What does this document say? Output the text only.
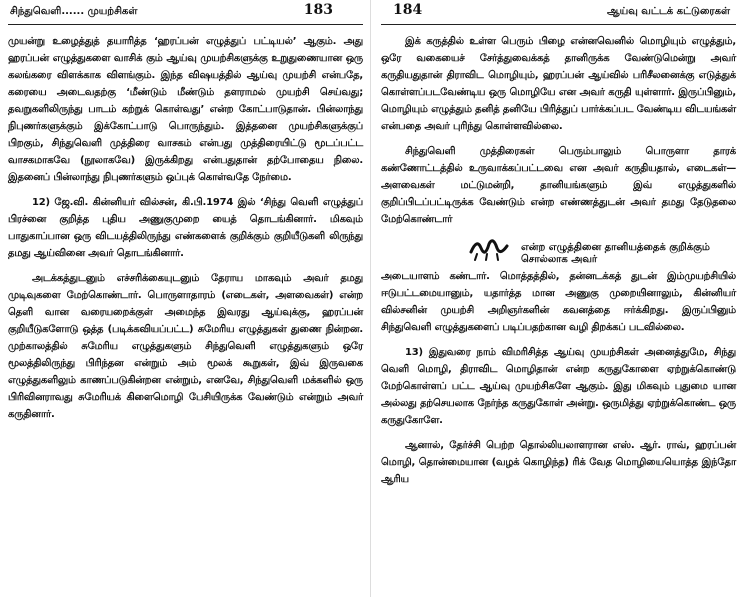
சிந்துவெளி...... முயற்சிகள்	183

முயன்று உழைத்துத் தயாரித்த ‘ஹரப்பன் எழுத்துப் பட்டியல்’ ஆகும். அது ஹரப்பன் எழுத்துகளை வாசிக் கும் ஆய்வு முயற்சிகளுக்கு உறுதுணையான ஒரு கலங்கரை விளக்காக விளங்கும். இந்த விஷயத்தில் ஆய்வு முயற்சி என்பதே, கரையை அடைவதற்கு ‘மீண்டும் மீண்டும் தளராமல் முயற்சி செய்வது; தவறுகளிலிருந்து பாடம் கற்றுக் கொள்வது’ என்ற கோட்பாடுதான். பின்லாந்து நிபுணர்களுக்கும் இக்கோட்பாடு பொருந்தும். இத்தனை முயற்சிகளுக்குப் பிறகும், சிந்துவெளி முத்திரை வாசகம் என்பது முத்திரையிட்டு மூடப்பட்ட வாசகமாகவே (நூலாகவே) இருக்கிறது என்பதுதான் தற்போதைய நிலை. இதனைப் பின்லாந்து நிபுணர்களும் ஒப்புக் கொள்வதே நேர்மை.

12) ஜே.வி. கின்னியர் வில்சன், கி.பி.1974 இல் ‘சிந்து வெளி எழுத்துப் பிரச்னை குறித்த புதிய அணுகுமுறை யைத் தொடங்கினார். மிகவும் பாதுகாப்பான ஒரு விடயத்திலிருந்து எண்களைக் குறிக்கும் குறியீடுகளி லிருந்து தமது ஆய்வினை அவர் தொடங்கினார்.

அடக்கத்துடனும் எச்சரிக்கையுடனும் தேராய மாகவும் அவர் தமது முடிவுகளை மேற்கொண்டார். பொருளாதாரம் (எடைகள், அளவைகள்) என்ற தெளி வான வரையறைக்குள் அமைந்த இவரது ஆய்வுக்கு, ஹரப்பன் குறியீடுகளோடு ஒத்த (படிக்கவியப்பட்ட) சுமேரிய எழுத்துகள் துணை நின்றன. முற்காலத்தில் சுமேரிய எழுத்துகளும் சிந்துவெளி எழுத்துகளும் ஒரே மூலத்திலிருந்து பிரிந்தன என்றும் அம் மூலக் கூறுகள், இவ் இருவகை எழுத்துகளிலும் காணப்படுகின்றன என்றும், எனவே, சிந்துவெளி மக்களில் ஒரு பிரிவினராவது சுமேரியக் கிளைமொழி பேசியிருக்க வேண்டும் என்றும் அவர் கருதினார்.

184	ஆய்வு வட்டக் கட்டுரைகள்

இக் கருத்தில் உள்ள பெரும் பிழை என்னவெனில் மொழியும் எழுத்தும், ஒரே வகையைச் சேர்த்துவைக்கத் தானிருக்க வேண்டுமென்று அவர் கருதியதுதான் திராவிட மொழியும், ஹரப்பன் ஆய்வில் பரிசீலனைக்கு எடுத்துக் கொள்ளப்படவேண்டிய ஒரு மொழியே என அவர் கருதி யுள்ளார். இருப்பினும், மொழியும் எழுத்தும் தனித் தனியே பிரித்துப் பார்க்கப்பட வேண்டிய விடயங்கள் என்பதை அவர் புரிந்து கொள்ளவில்லை.

சிந்துவெளி முத்திரைகள் பெரும்பாலும் பொருளா தாரக் கண்ணோட்டத்தில் உருவாக்கப்பட்டவை என அவர் கருதியதால், எடைகள்—அளவைகள் மட்டுமன்றி, தானியங்களும் இவ் எழுத்துகளில் குறிப்பிடப்பட்டிருக்க வேண்டும் என்ற எண்ணத்துடன் அவர் தமது தேடுதலை மேற்கொண்டார்

என்ற எழுத்தினை தானியத்தைக் குறிக்கும் சொல்லாக அவர்

அடையாளம் கண்டார். மொத்தத்தில், தன்னடக்கத் துடன் இம்முயற்சியில் ஈடுபட்டமையானும், யதார்த்த மான அணுகு முறையினாலும், கின்னியர் வில்சனின் முயற்சி அறிஞர்களின் கவனத்தை ஈர்க்கிறது. இருப்பினும் சிந்துவெளி எழுத்துகளைப் படிப்பதற்கான வழி திறக்கப் படவில்லை.

13) இதுவரை நாம் விமரிசித்த ஆய்வு முயற்சிகள் அனைத்துமே, சிந்து வெளி மொழி, திராவிட மொழிதான் என்ற கருதுகோளை ஏற்றுக்கொண்டு மேற்கொள்ளப் பட்ட ஆய்வு முயற்சிகளே ஆகும். இது மிகவும் புதுமை யான அல்லது தற்செயலாக நேர்ந்த கருதுகோள் அன்று. ஒருமித்து ஏற்றுக்கொண்ட ஒரு கருதுகோளே.

ஆனால், தேர்ச்சி பெற்ற தொல்லியலாளரான எஸ். ஆர். ராவ், ஹரப்பன் மொழி, தொன்மையான (வழக் கொழிந்த) ரிக் வேத மொழியையொத்த இந்தோ ஆரிய
